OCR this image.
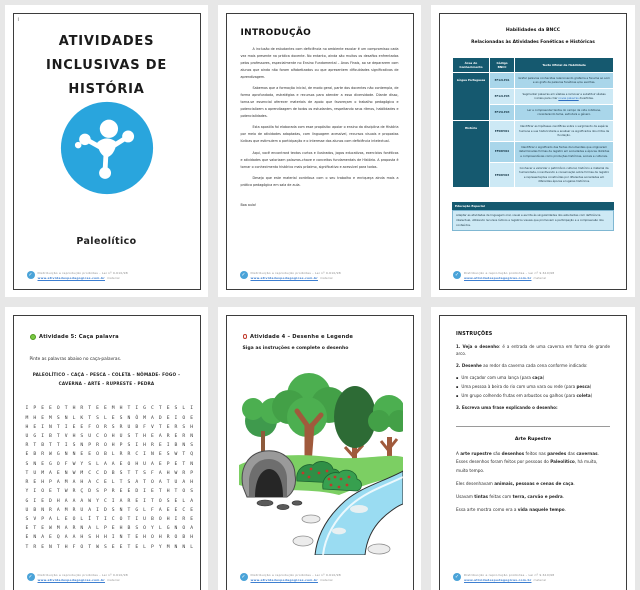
i
ATIVIDADES
INCLUSIVAS DE
HISTÓRIA
Paleolítico
✓	Distribuição e reprodução proibidas – Lei nº 9.610/98
www.atividadespedagogicas.com.br material
INTRODUÇÃO

A inclusão de estudantes com deficiência no ambiente escolar é um compromisso cada vez mais presente na prática docente. No entanto, ainda são muitos os desafios enfrentados pelos professores, especialmente no Ensino Fundamental – Anos Finais, ao se depararem com alunos que ainda não foram alfabetizados ou que apresentem dificuldades significativas de aprendizagem.

Sabemos que a formação inicial, de modo geral, parte dos docentes não contempla, de forma aprofundada, estratégias e recursos para atender a essa diversidade. Diante disso, torna-se essencial oferecer materiais de apoio que favoreçam o trabalho pedagógico e potencializem a aprendizagem de todos os estudantes, respeitando seus ritmos, habilidades e potencialidades.

Esta apostila foi elaborada com esse propósito: apoiar o ensino da disciplina de História por meio de atividades adaptadas, com linguagem acessível, recursos visuais e propostas lúdicas que estimulem a participação e o interesse dos alunos com deficiência intelectual.

Aqui, você encontrará textos curtos e ilustrados, jogos educativos, exercícios fonéticos e atividades que valorizam palavras-chave e conceitos fundamentais de História. A proposta é tornar o conhecimento histórico mais próximo, significativo e acessível para todos.

Desejo que este material contribua com o seu trabalho e enriqueça ainda mais a prática pedagógica em sala de aula.

Boa aula!

✓	Distribuição e reprodução proibidas – Lei nº 9.610/98
www.atividadespedagogicas.com.br material
Habilidades da BNCC
Relacionadas às Atividades Fonéticas e Históricas
Área do Conhecimento	Código BNCC	Texto Oficial da Habilidade
Língua Portuguesa	EF12LP01	Grafar palavras conhecidas relacionando grafema e fonema ao som e ao grafo de palavras fonéticas e/ou escritas.
	EF12LP05	Segmentar palavras em sílabas e remover e substituir sílabas iniciais para criar novas palavras divertidas.
	EF15LP03	Ler e compreender textos do campo da vida cotidiana, considerando tema, estrutura e gênero.
História	EF06HI01	Identificar as hipóteses científicas sobre o surgimento da espécie humana e sua historicidade e analisar os significados dos mitos de fundação.
	EF06HI02	Identificar o significado das fontes documentais que originaram determinadas formas de registro em sociedades e épocas distintas e compreendê-las como produções históricas, sociais e culturais.
	EF06HI03	Conhecer e valorizar o patrimônio cultural, histórico e material da humanidade, incentivando a conservação sobre formas de registro e representações construídas por diferentes sociedades em diferentes épocas e lugares históricos.
Educação Especial
Adaptar as atividades de linguagem oral, visual e escrita às singularidades dos estudantes com deficiência intelectual, utilizando recursos lúdicos e registros visuais que promovam a participação e a compreensão dos conteúdos.
✓	Distribuição e reprodução proibidas – Lei nº 9.610/98
www.atividadespedagogicas.com.br material
Atividade 5: Caça palavra
Pinte as palavras abaixo no caça-palavras.
PALEOLÍTICO – CAÇA – PESCA – COLETA – NÔMADE- FOGO –
CAVERNA – ARTE – RUPRESTE - PEDRA
I P E E O T H R T E E M H T I G C T E S L I
M H E M S N L K T S L E S N Ô M A D E I O E
H E I N T I E E F O R S R U B F V T E R S H
U G I B T V H S U C O H U S T H E A R E R N
R T B T T I S N P R O H P S I H R E I B N S
E B R W G N N E E O B L R R C I N E S W T Q
S N E G O F W Y S L A A E O H U A E P E T N
T U M A E N W M C C D B S T T S F A H W R P
R E H P A M A H A C E L T S A T O A T U A H
Y I O E T W R Ç D S P R E E D I E T H T O S
G I E D H A A A W Y C I A R E I T O S E L A
U B N R A M R U A I D S N T G L F A E E C E
S V P A L E O L Í T I C O T I U B O H I R E
E T E W M A R N A L P E H B S O Y L G N O A
E N A E Q A A H S H H I N T E H O H R O B H
T R E N T H F O T W S E E T E L P Y M N N L
✓	Distribuição e reprodução proibidas – Lei nº 9.610/98
www.atividadespedagogicas.com.br material
Atividade 4 – Desenhe e Legende
Siga as instruções e complete o desenho
✓	Distribuição e reprodução proibidas – Lei nº 9.610/98
www.atividadespedagogicas.com.br material
INSTRUÇÕES

1. Veja o desenho: é a entrada de uma caverna em forma de grande arco.

2. Desenhe ao redor da caverna cada cena conforme indicado:

▪ Um caçador com uma lança (para caça)
▪ Uma pessoa à beira do rio com uma vara ou rede (para pesca)
▪ Um grupo colhendo frutas em arbustos ou galhos (para coleta)

3. Escreva uma frase explicando o desenho:

Arte Rupestre

A arte rupestre são desenhos feitos nas paredes das cavernas. Esses desenhos foram feitos por pessoas do Paleolítico, há muito, muito tempo.

Eles desenhavam animais, pessoas e cenas de caça.

Usavam tintas feitas com terra, carvão e pedra.

Essa arte mostra como era a vida naquele tempo.

✓	Distribuição e reprodução proibidas – Lei nº 9.610/98
www.atividadespedagogicas.com.br material
